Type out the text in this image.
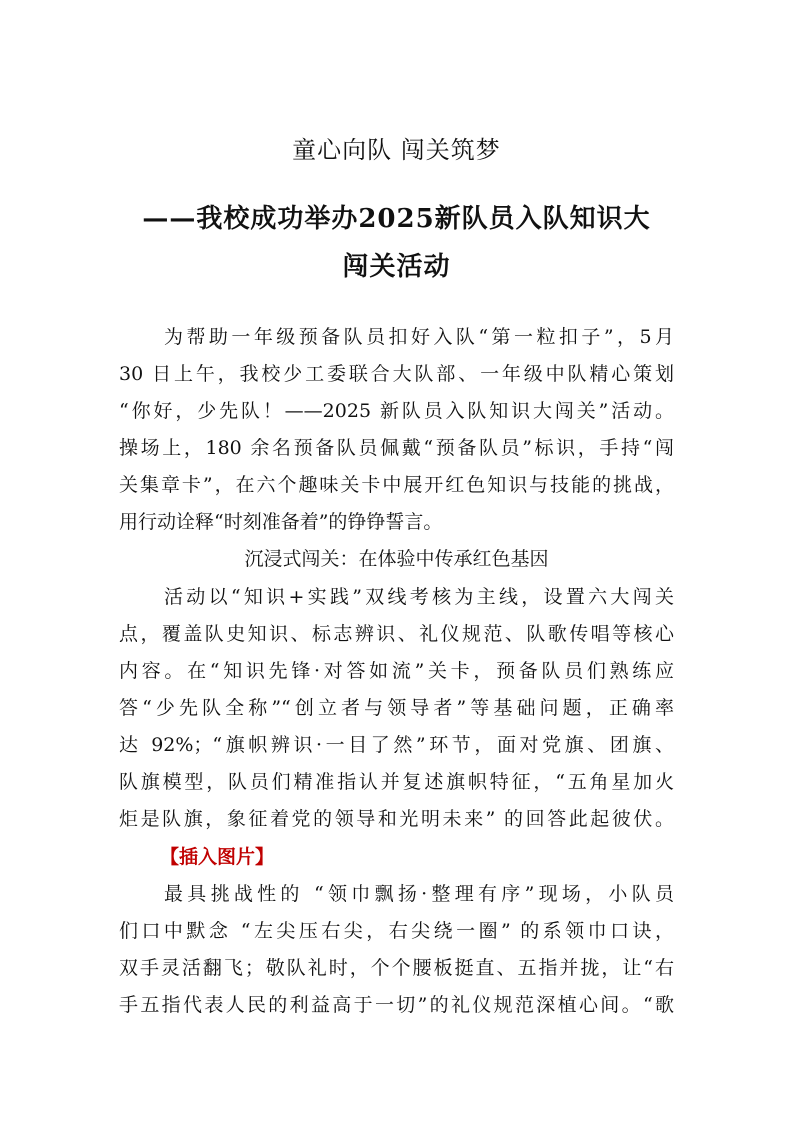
童心向队 闯关筑梦
——我校成功举办2025新队员入队知识大
闯关活动
为帮助一年级预备队员扣好入队“第一粒扣子”，5月
30 日上午，我校少工委联合大队部、一年级中队精心策划
“你好，少先队！——2025 新队员入队知识大闯关”活动。
操场上，180 余名预备队员佩戴“预备队员”标识，手持“闯
关集章卡”，在六个趣味关卡中展开红色知识与技能的挑战，
用行动诠释“时刻准备着”的铮铮誓言。
沉浸式闯关：在体验中传承红色基因
活动以“知识+实践”双线考核为主线，设置六大闯关
点，覆盖队史知识、标志辨识、礼仪规范、队歌传唱等核心
内容。在“知识先锋·对答如流”关卡，预备队员们熟练应
答“少先队全称”“创立者与领导者”等基础问题，正确率
达 92%；“旗帜辨识·一目了然”环节，面对党旗、团旗、
队旗模型，队员们精准指认并复述旗帜特征，“五角星加火
炬是队旗，象征着党的领导和光明未来” 的回答此起彼伏。
【插入图片】
最具挑战性的 “领巾飘扬·整理有序”现场，小队员
们口中默念 “左尖压右尖，右尖绕一圈” 的系领巾口诀，
双手灵活翻飞；敬队礼时，个个腰板挺直、五指并拢，让“右
手五指代表人民的利益高于一切”的礼仪规范深植心间。“歌
